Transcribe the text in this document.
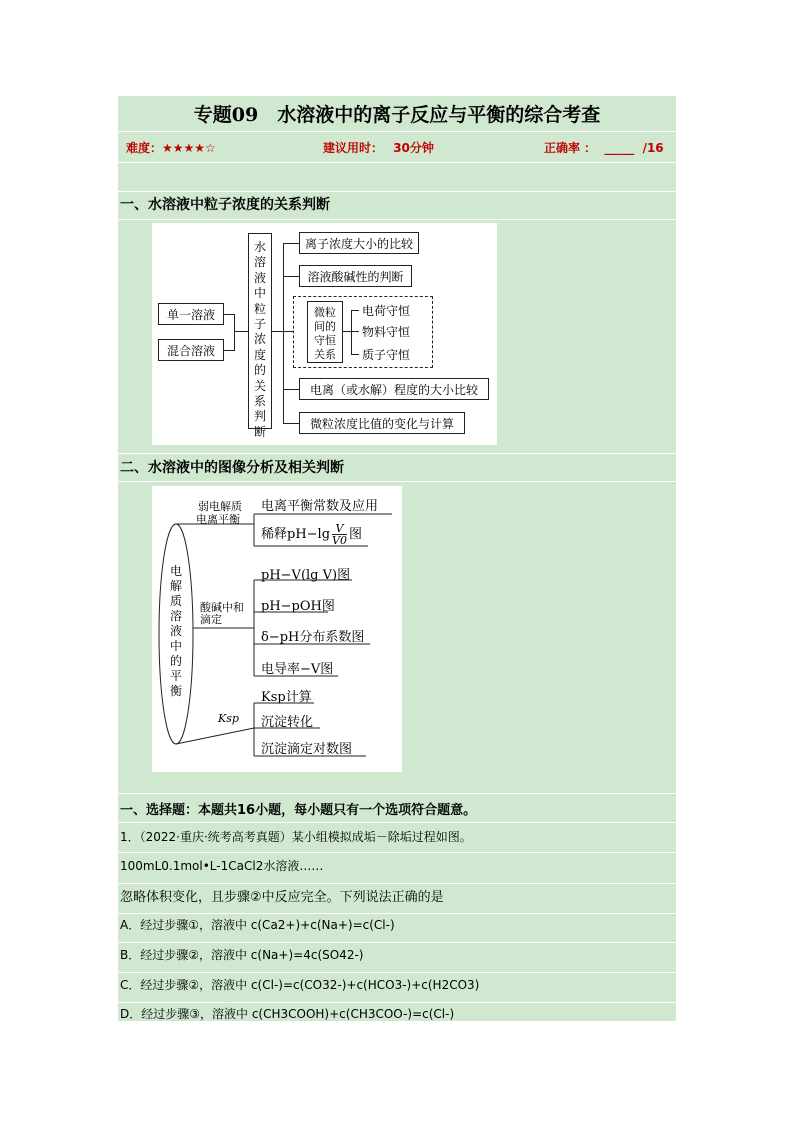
专题09　水溶液中的离子反应与平衡的综合考查
难度：★★★★☆	建议用时： 30分钟	正确率 ： _____ /16
一、水溶液中粒子浓度的关系判断
单一溶液
混合溶液
水溶液中粒子浓度的关系判断
离子浓度大小的比较
溶液酸碱性的判断
微粒间的守恒关系
电荷守恒
物料守恒
质子守恒
电离（或水解）程度的大小比较
微粒浓度比值的变化与计算
二、水溶液中的图像分析及相关判断
电解质溶液中的平衡
弱电解质
电离平衡
电离平衡常数及应用
稀释$pH-\lg \frac{V}{V0}$ 图
酸碱中和
滴定
pH−V(lg V)图
pH−pOH图
δ−pH分布系数图
电导率−V图
Ksp
Ksp计算
沉淀转化
沉淀滴定对数图
一、选择题：本题共16小题，每小题只有一个选项符合题意。
1．（2022·重庆·统考高考真题）某小组模拟成垢－除垢过程如图。
100mL0.1mol•L-1CaCl2水溶液……
忽略体积变化，且步骤②中反应完全。下列说法正确的是
A．经过步骤①，溶液中 c(Ca2+)+c(Na+)=c(Cl-)
B．经过步骤②，溶液中 c(Na+)=4c(SO42-)
C．经过步骤②，溶液中 c(Cl-)=c(CO32-)+c(HCO3-)+c(H2CO3)
D．经过步骤③，溶液中 c(CH3COOH)+c(CH3COO-)=c(Cl-)
